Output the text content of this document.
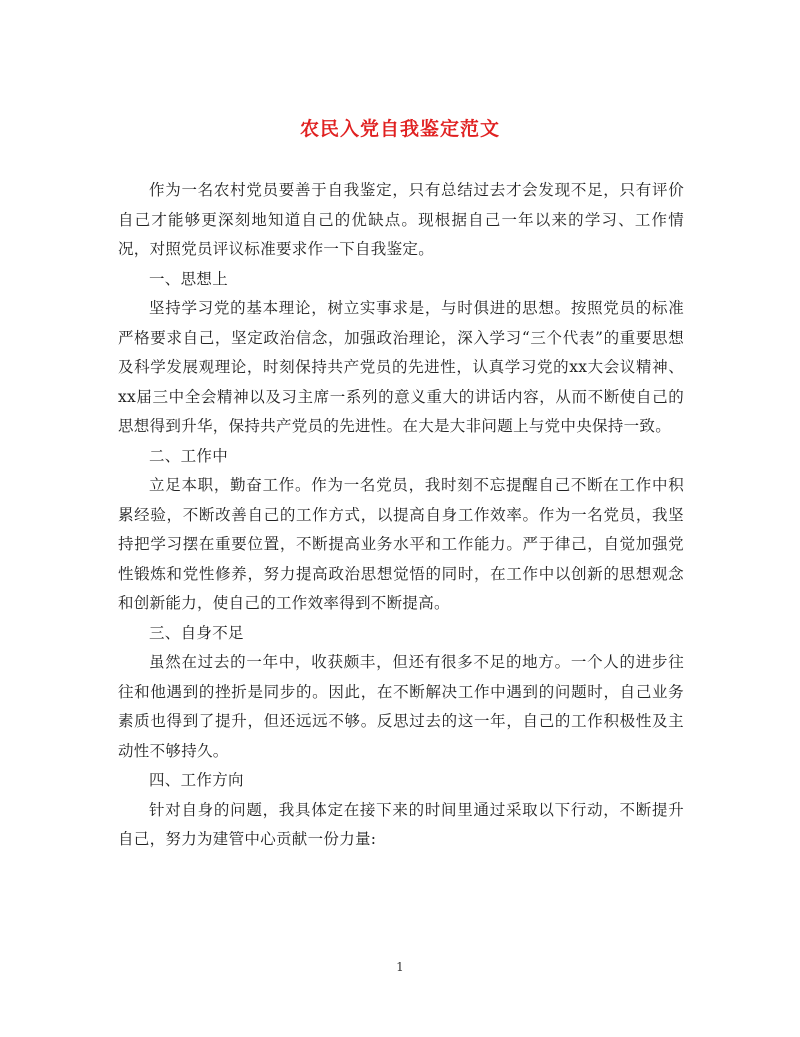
农民入党自我鉴定范文

作为一名农村党员要善于自我鉴定，只有总结过去才会发现不足，只有评价自己才能够更深刻地知道自己的优缺点。现根据自己一年以来的学习、工作情况，对照党员评议标准要求作一下自我鉴定。

一、思想上

坚持学习党的基本理论，树立实事求是，与时俱进的思想。按照党员的标准严格要求自己，坚定政治信念，加强政治理论，深入学习“三个代表”的重要思想及科学发展观理论，时刻保持共产党员的先进性，认真学习党的xx大会议精神、xx届三中全会精神以及习主席一系列的意义重大的讲话内容，从而不断使自己的思想得到升华，保持共产党员的先进性。在大是大非问题上与党中央保持一致。

二、工作中

立足本职，勤奋工作。作为一名党员，我时刻不忘提醒自己不断在工作中积累经验，不断改善自己的工作方式，以提高自身工作效率。作为一名党员，我坚持把学习摆在重要位置，不断提高业务水平和工作能力。严于律己，自觉加强党性锻炼和党性修养，努力提高政治思想觉悟的同时，在工作中以创新的思想观念和创新能力，使自己的工作效率得到不断提高。

三、自身不足

虽然在过去的一年中，收获颇丰，但还有很多不足的地方。一个人的进步往往和他遇到的挫折是同步的。因此，在不断解决工作中遇到的问题时，自己业务素质也得到了提升，但还远远不够。反思过去的这一年，自己的工作积极性及主动性不够持久。

四、工作方向

针对自身的问题，我具体定在接下来的时间里通过采取以下行动，不断提升自己，努力为建管中心贡献一份力量:

1
